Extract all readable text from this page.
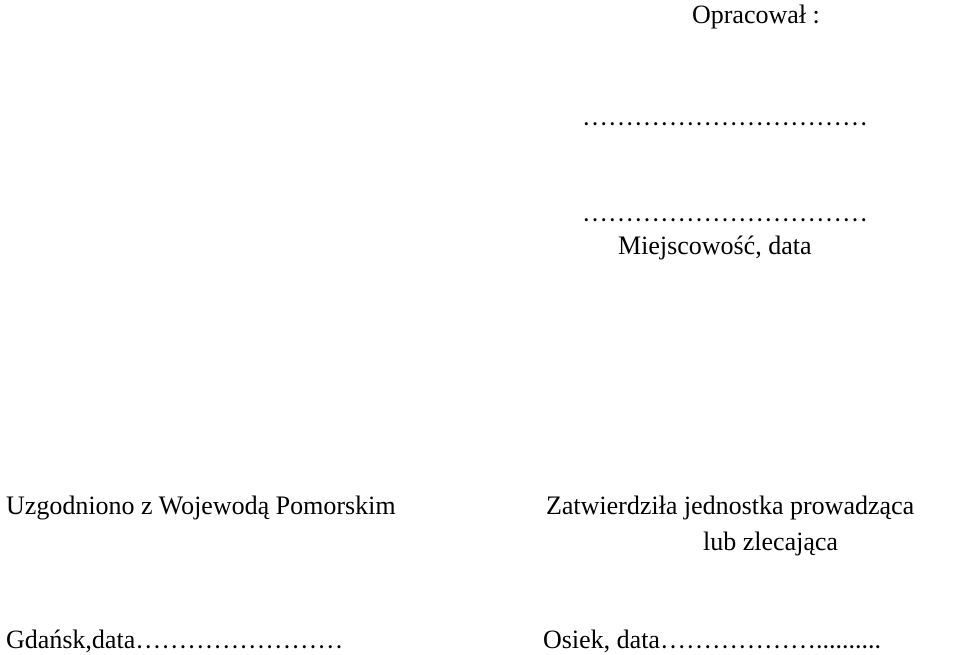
Opracował :
……………………………
……………………………
Miejscowość, data
Uzgodniono z Wojewodą Pomorskim	Zatwierdziła jednostka prowadząca
lub zlecająca
Gdańsk,data……………………	Osiek, data………………..........
